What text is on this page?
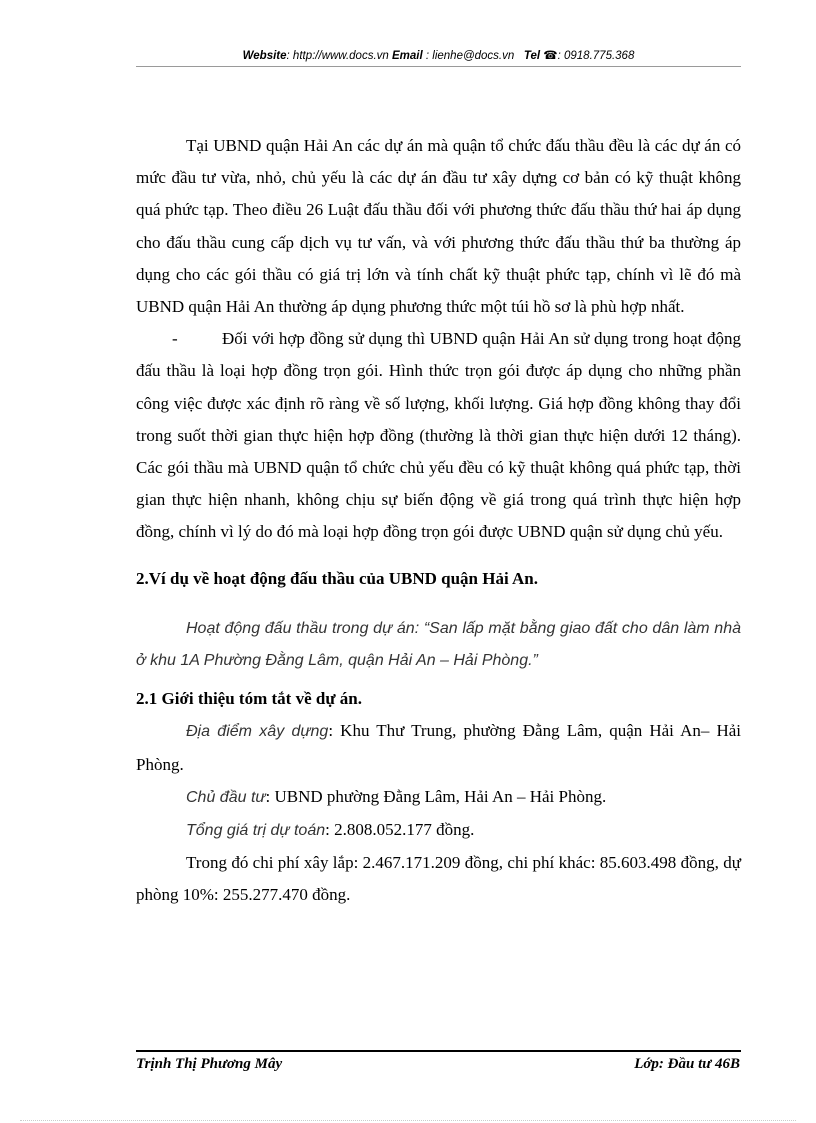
Website: http://www.docs.vn Email : lienhe@docs.vn Tel ☎: 0918.775.368

Tại UBND quận Hải An các dự án mà quận tổ chức đấu thầu đều là các dự án có mức đầu tư vừa, nhỏ, chủ yếu là các dự án đầu tư xây dựng cơ bản có kỹ thuật không quá phức tạp. Theo điều 26 Luật đấu thầu đối với phương thức đấu thầu thứ hai áp dụng cho đấu thầu cung cấp dịch vụ tư vấn, và với phương thức đấu thầu thứ ba thường áp dụng cho các gói thầu có giá trị lớn và tính chất kỹ thuật phức tạp, chính vì lẽ đó mà UBND quận Hải An thường áp dụng phương thức một túi hồ sơ là phù hợp nhất.

-	Đối với hợp đồng sử dụng thì UBND quận Hải An sử dụng trong hoạt động đấu thầu là loại hợp đồng trọn gói. Hình thức trọn gói được áp dụng cho những phần công việc được xác định rõ ràng về số lượng, khối lượng. Giá hợp đồng không thay đổi trong suốt thời gian thực hiện hợp đồng (thường là thời gian thực hiện dưới 12 tháng). Các gói thầu mà UBND quận tổ chức chủ yếu đều có kỹ thuật không quá phức tạp, thời gian thực hiện nhanh, không chịu sự biến động về giá trong quá trình thực hiện hợp đồng, chính vì lý do đó mà loại hợp đồng trọn gói được UBND quận sử dụng chủ yếu.

2.Ví dụ về hoạt động đấu thầu của UBND quận Hải An.

Hoạt động đấu thầu trong dự án: “San lấp mặt bằng giao đất cho dân làm nhà ở khu 1A Phường Đằng Lâm, quận Hải An – Hải Phòng.”

2.1 Giới thiệu tóm tắt về dự án.

Địa điểm xây dựng: Khu Thư Trung, phường Đằng Lâm, quận Hải An– Hải Phòng.

Chủ đầu tư: UBND phường Đằng Lâm, Hải An – Hải Phòng.

Tổng giá trị dự toán: 2.808.052.177 đồng.

Trong đó chi phí xây lắp: 2.467.171.209 đồng, chi phí khác: 85.603.498 đồng, dự phòng 10%: 255.277.470 đồng.

Trịnh Thị Phương Mây	Lớp: Đầu tư 46B
